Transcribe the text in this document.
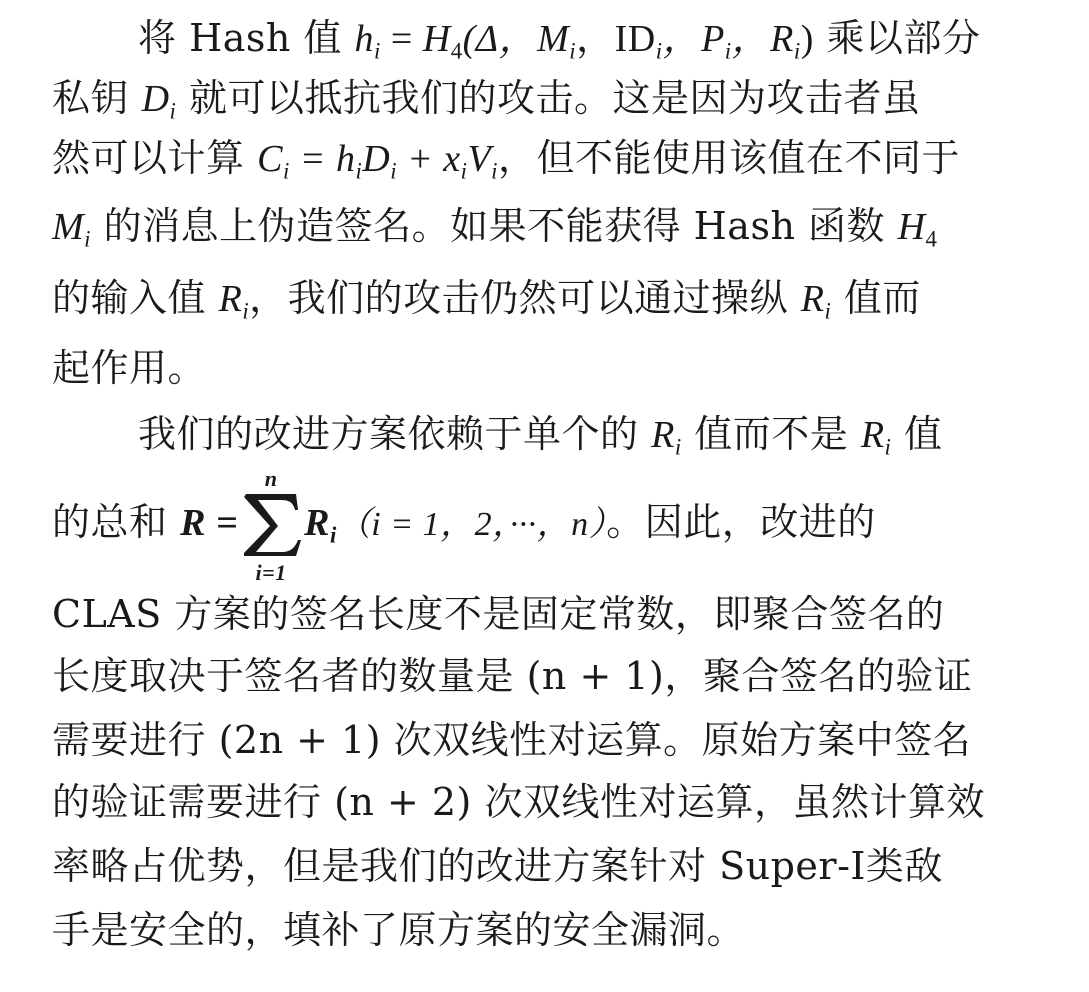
将 Hash 值 $h_i = H_4(\Delta$，$M_i$，$ID_i$，$P_i$，$R_i$) 乘以部分
私钥 $D_i$ 就可以抵抗我们的攻击。这是因为攻击者虽
然可以计算 $C_i = h_iD_i + x_iV_i$，但不能使用该值在不同于
$M_i$ 的消息上伪造签名。如果不能获得 Hash 函数 $H_4$
的输入值 $R_i$，我们的攻击仍然可以通过操纵 $R_i$ 值而
起作用。
我们的改进方案依赖于单个的 $R_i$ 值而不是 $R_i$ 值
的总和 R =
n
i=1
$R_i(i = 1$，2，···，n）。因此，改进的
CLAS 方案的签名长度不是固定常数，即聚合签名的
长度取决于签名者的数量是 (n + 1)，聚合签名的验证
需要进行 (2n + 1) 次双线性对运算。原始方案中签名
的验证需要进行 (n + 2) 次双线性对运算，虽然计算效
率略占优势，但是我们的改进方案针对 Super-Ⅰ类敌
手是安全的，填补了原方案的安全漏洞。
